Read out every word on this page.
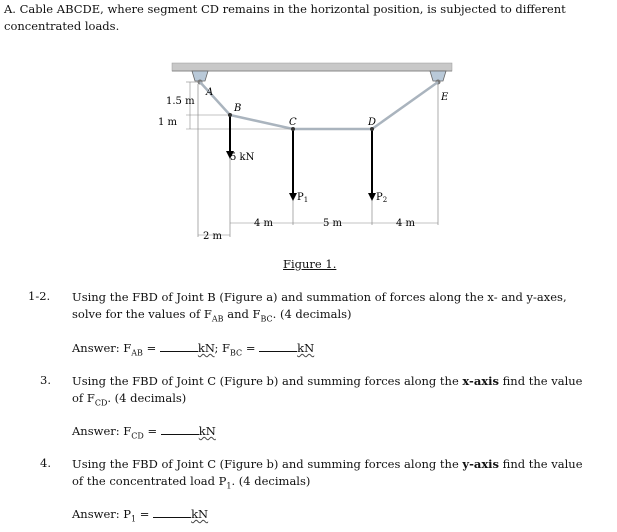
A. Cable ABCDE, where segment CD remains in the horizontal position, is subjected to different concentrated loads.
A
B
C	D
E
1.5 m
1 m
5 kN
$P_1$	$P_2$
2 m
4 m	5 m	4 m
Figure 1.
1-2. Using the FBD of Joint B (Figure a) and summation of forces along the x- and y-axes, solve for the values of $F_{AB}$ and $F_{BC}$. (4 decimals)
Answer: $F_{AB}$ =	kN; $F_{BC}$ =	kN
3. Using the FBD of Joint C (Figure b) and summing forces along the x-axis find the value of $F_{CD}$. (4 decimals)
Answer: $F_{CD}$ =	kN
4. Using the FBD of Joint C (Figure b) and summing forces along the y-axis find the value of the concentrated load $P_1$. (4 decimals)
Answer: $P_1$ =	kN
